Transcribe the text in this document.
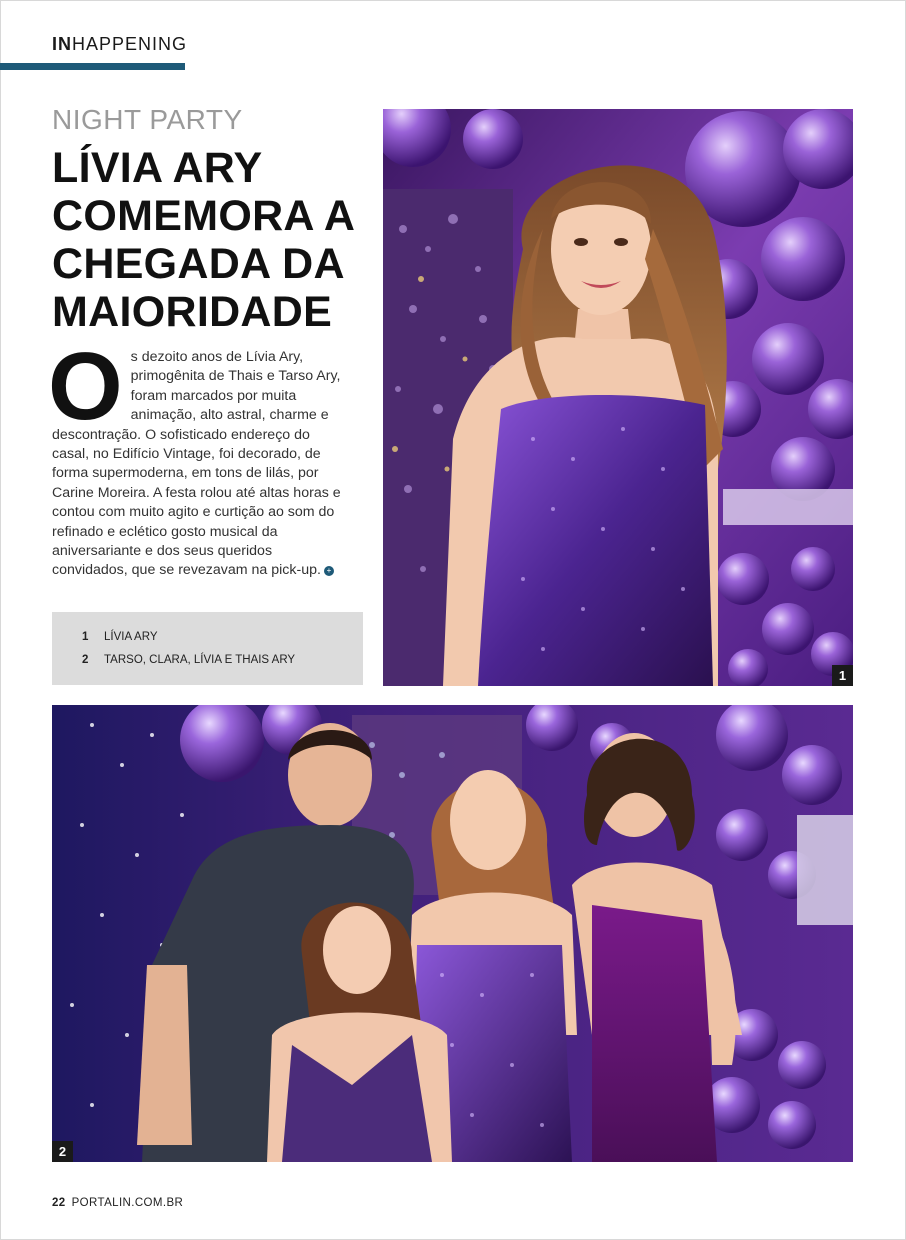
INHAPPENING
NIGHT PARTY
LÍVIA ARY COMEMORA A CHEGADA DA MAIORIDADE
O s dezoito anos de Lívia Ary, primogênita de Thais e Tarso Ary, foram marcados por muita animação, alto astral, charme e descontração. O sofisticado endereço do casal, no Edifício Vintage, foi decorado, de forma supermoderna, em tons de lilás, por Carine Moreira. A festa rolou até altas horas e contou com muito agito e curtição ao som do refinado e eclético gosto musical da aniversariante e dos seus queridos convidados, que se revezavam na pick-up. +

1 LÍVIA ARY
2 TARSO, CLARA, LÍVIA E THAIS ARY
1
2
22 PORTALIN.COM.BR
